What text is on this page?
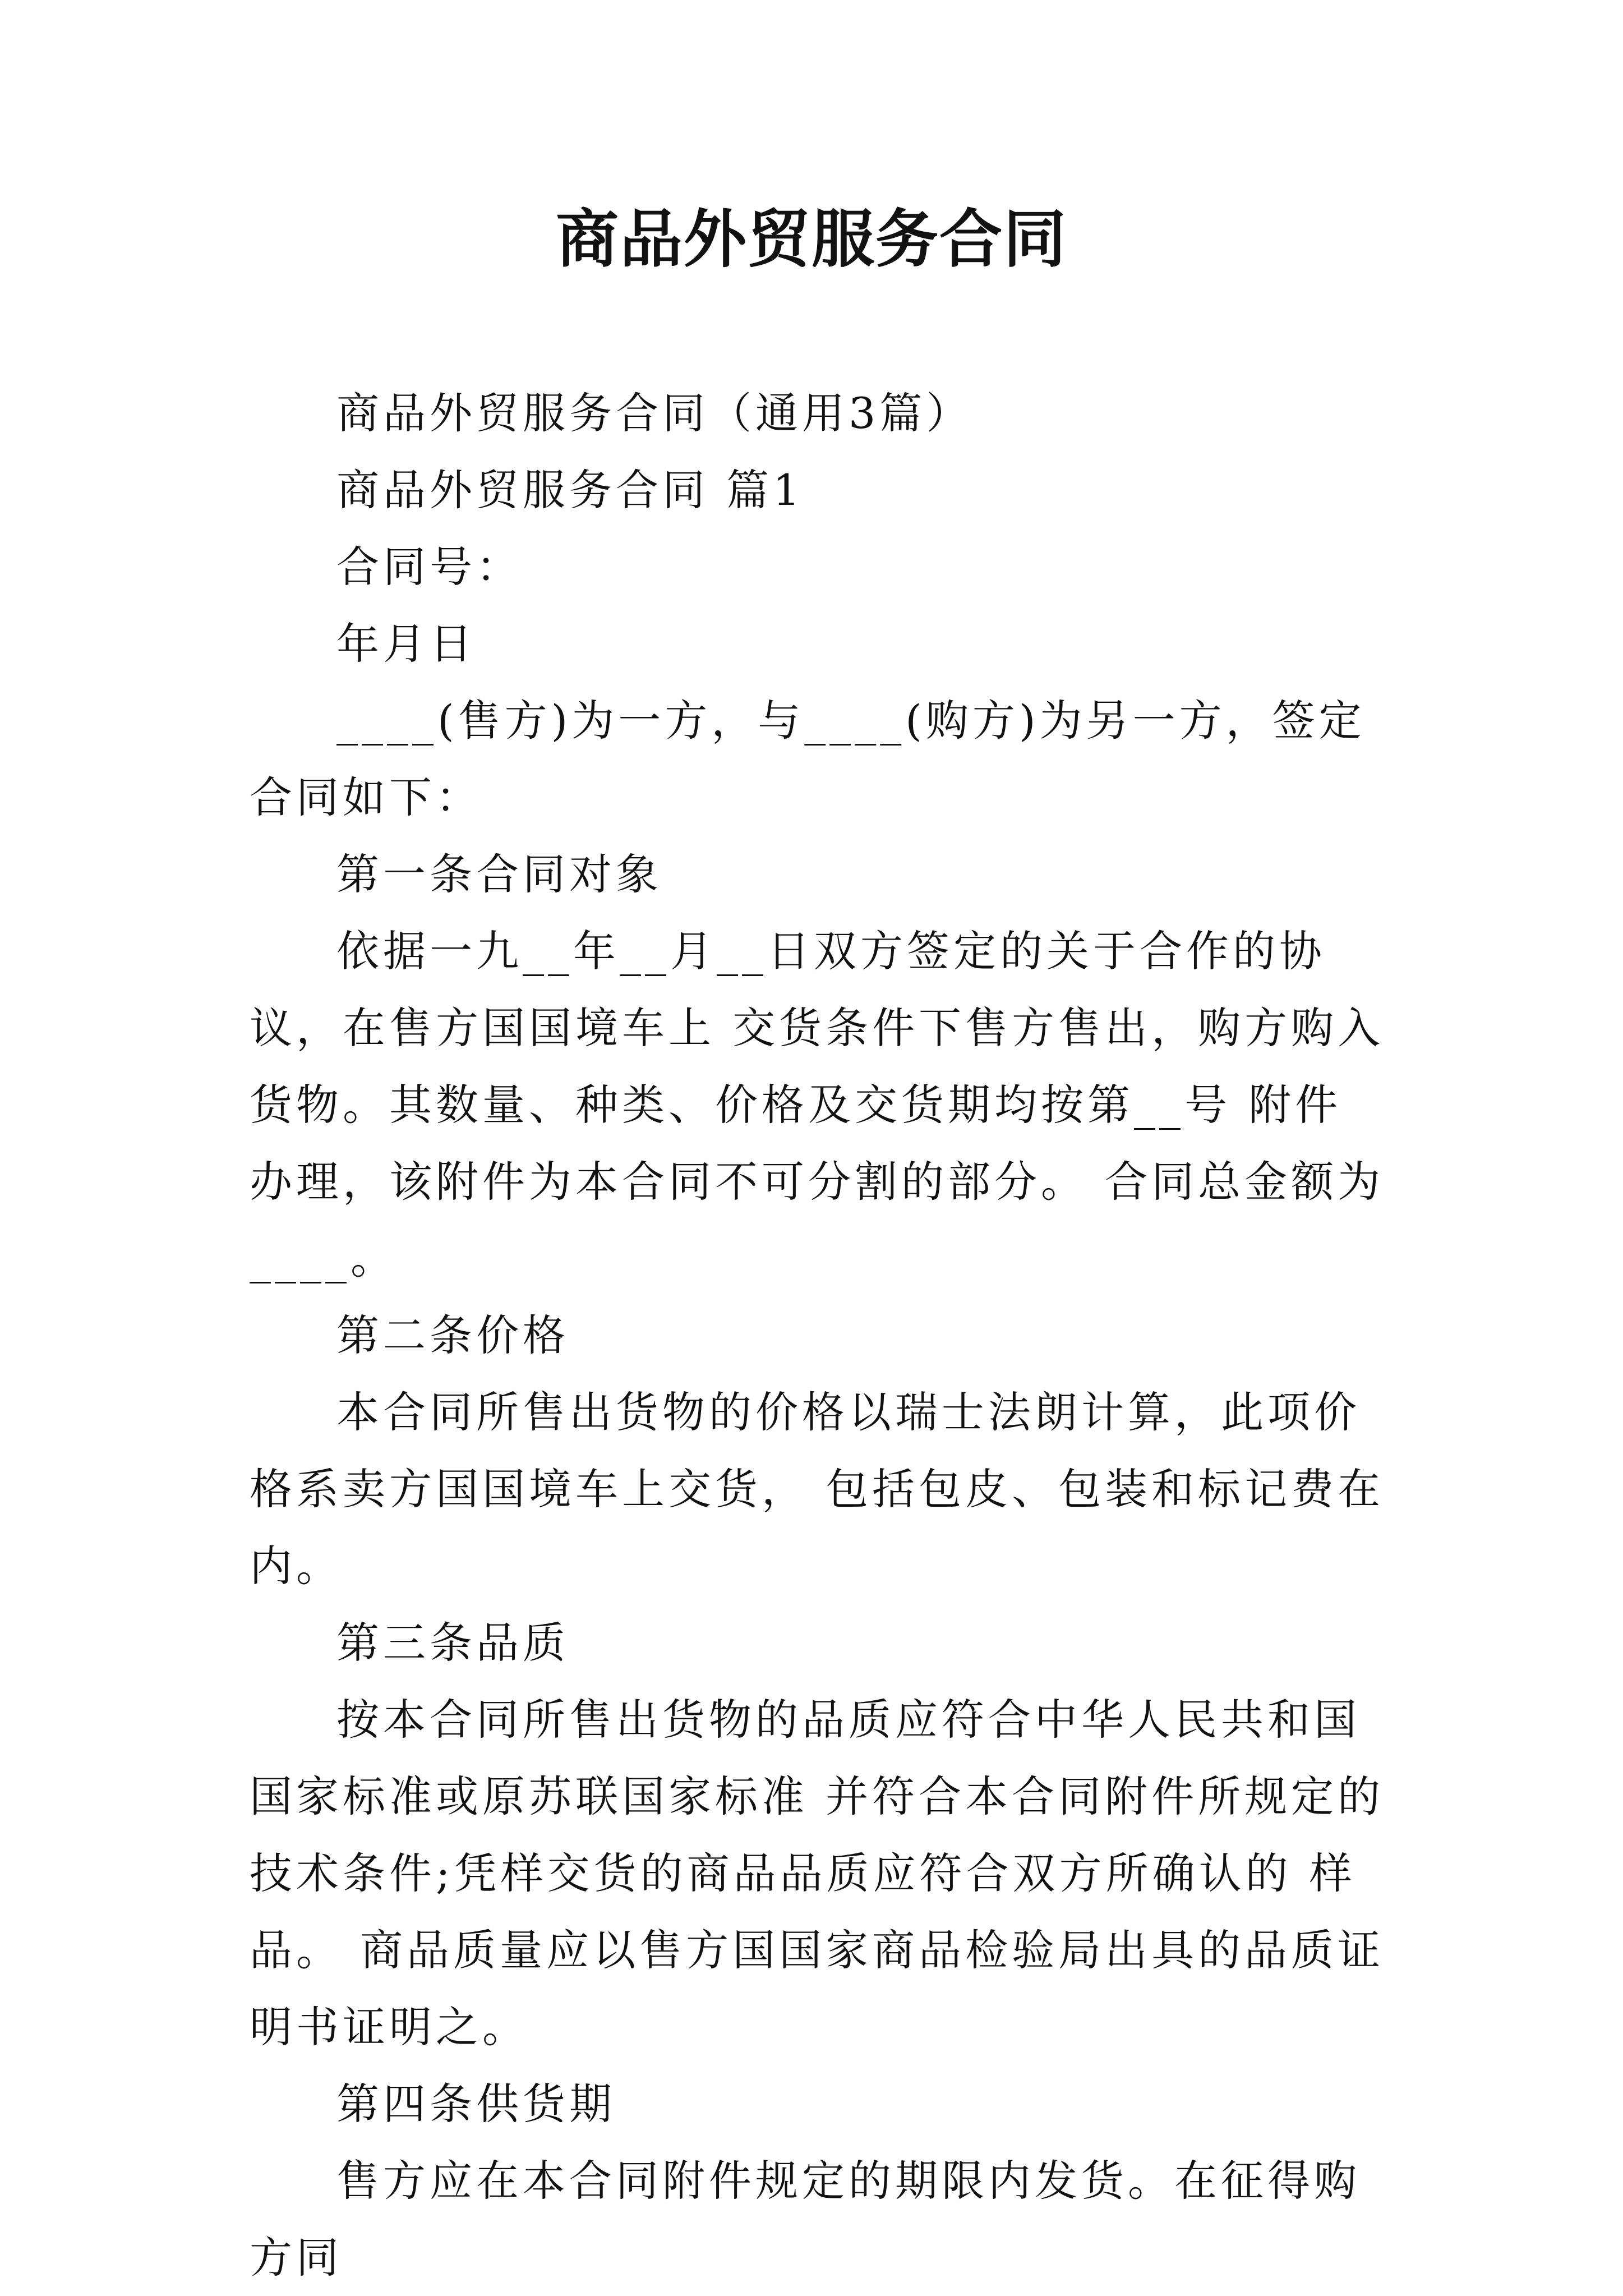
商品外贸服务合同

商品外贸服务合同（通用3篇）

商品外贸服务合同 篇1

合同号：

年月日

____(售方)为一方，与____(购方)为另一方，签定合同如下：

第一条合同对象

依据一九__年__月__日双方签定的关于合作的协议，在售方国国境车上 交货条件下售方售出，购方购入货物。其数量、种类、价格及交货期均按第__号 附件办理，该附件为本合同不可分割的部分。 合同总金额为____。

第二条价格

本合同所售出货物的价格以瑞士法朗计算，此项价格系卖方国国境车上交货， 包括包皮、包装和标记费在内。

第三条品质

按本合同所售出货物的品质应符合中华人民共和国国家标准或原苏联国家标准 并符合本合同附件所规定的技术条件;凭样交货的商品品质应符合双方所确认的 样品。 商品质量应以售方国国家商品检验局出具的品质证明书证明之。

第四条供货期

售方应在本合同附件规定的期限内发货。在征得购方同
